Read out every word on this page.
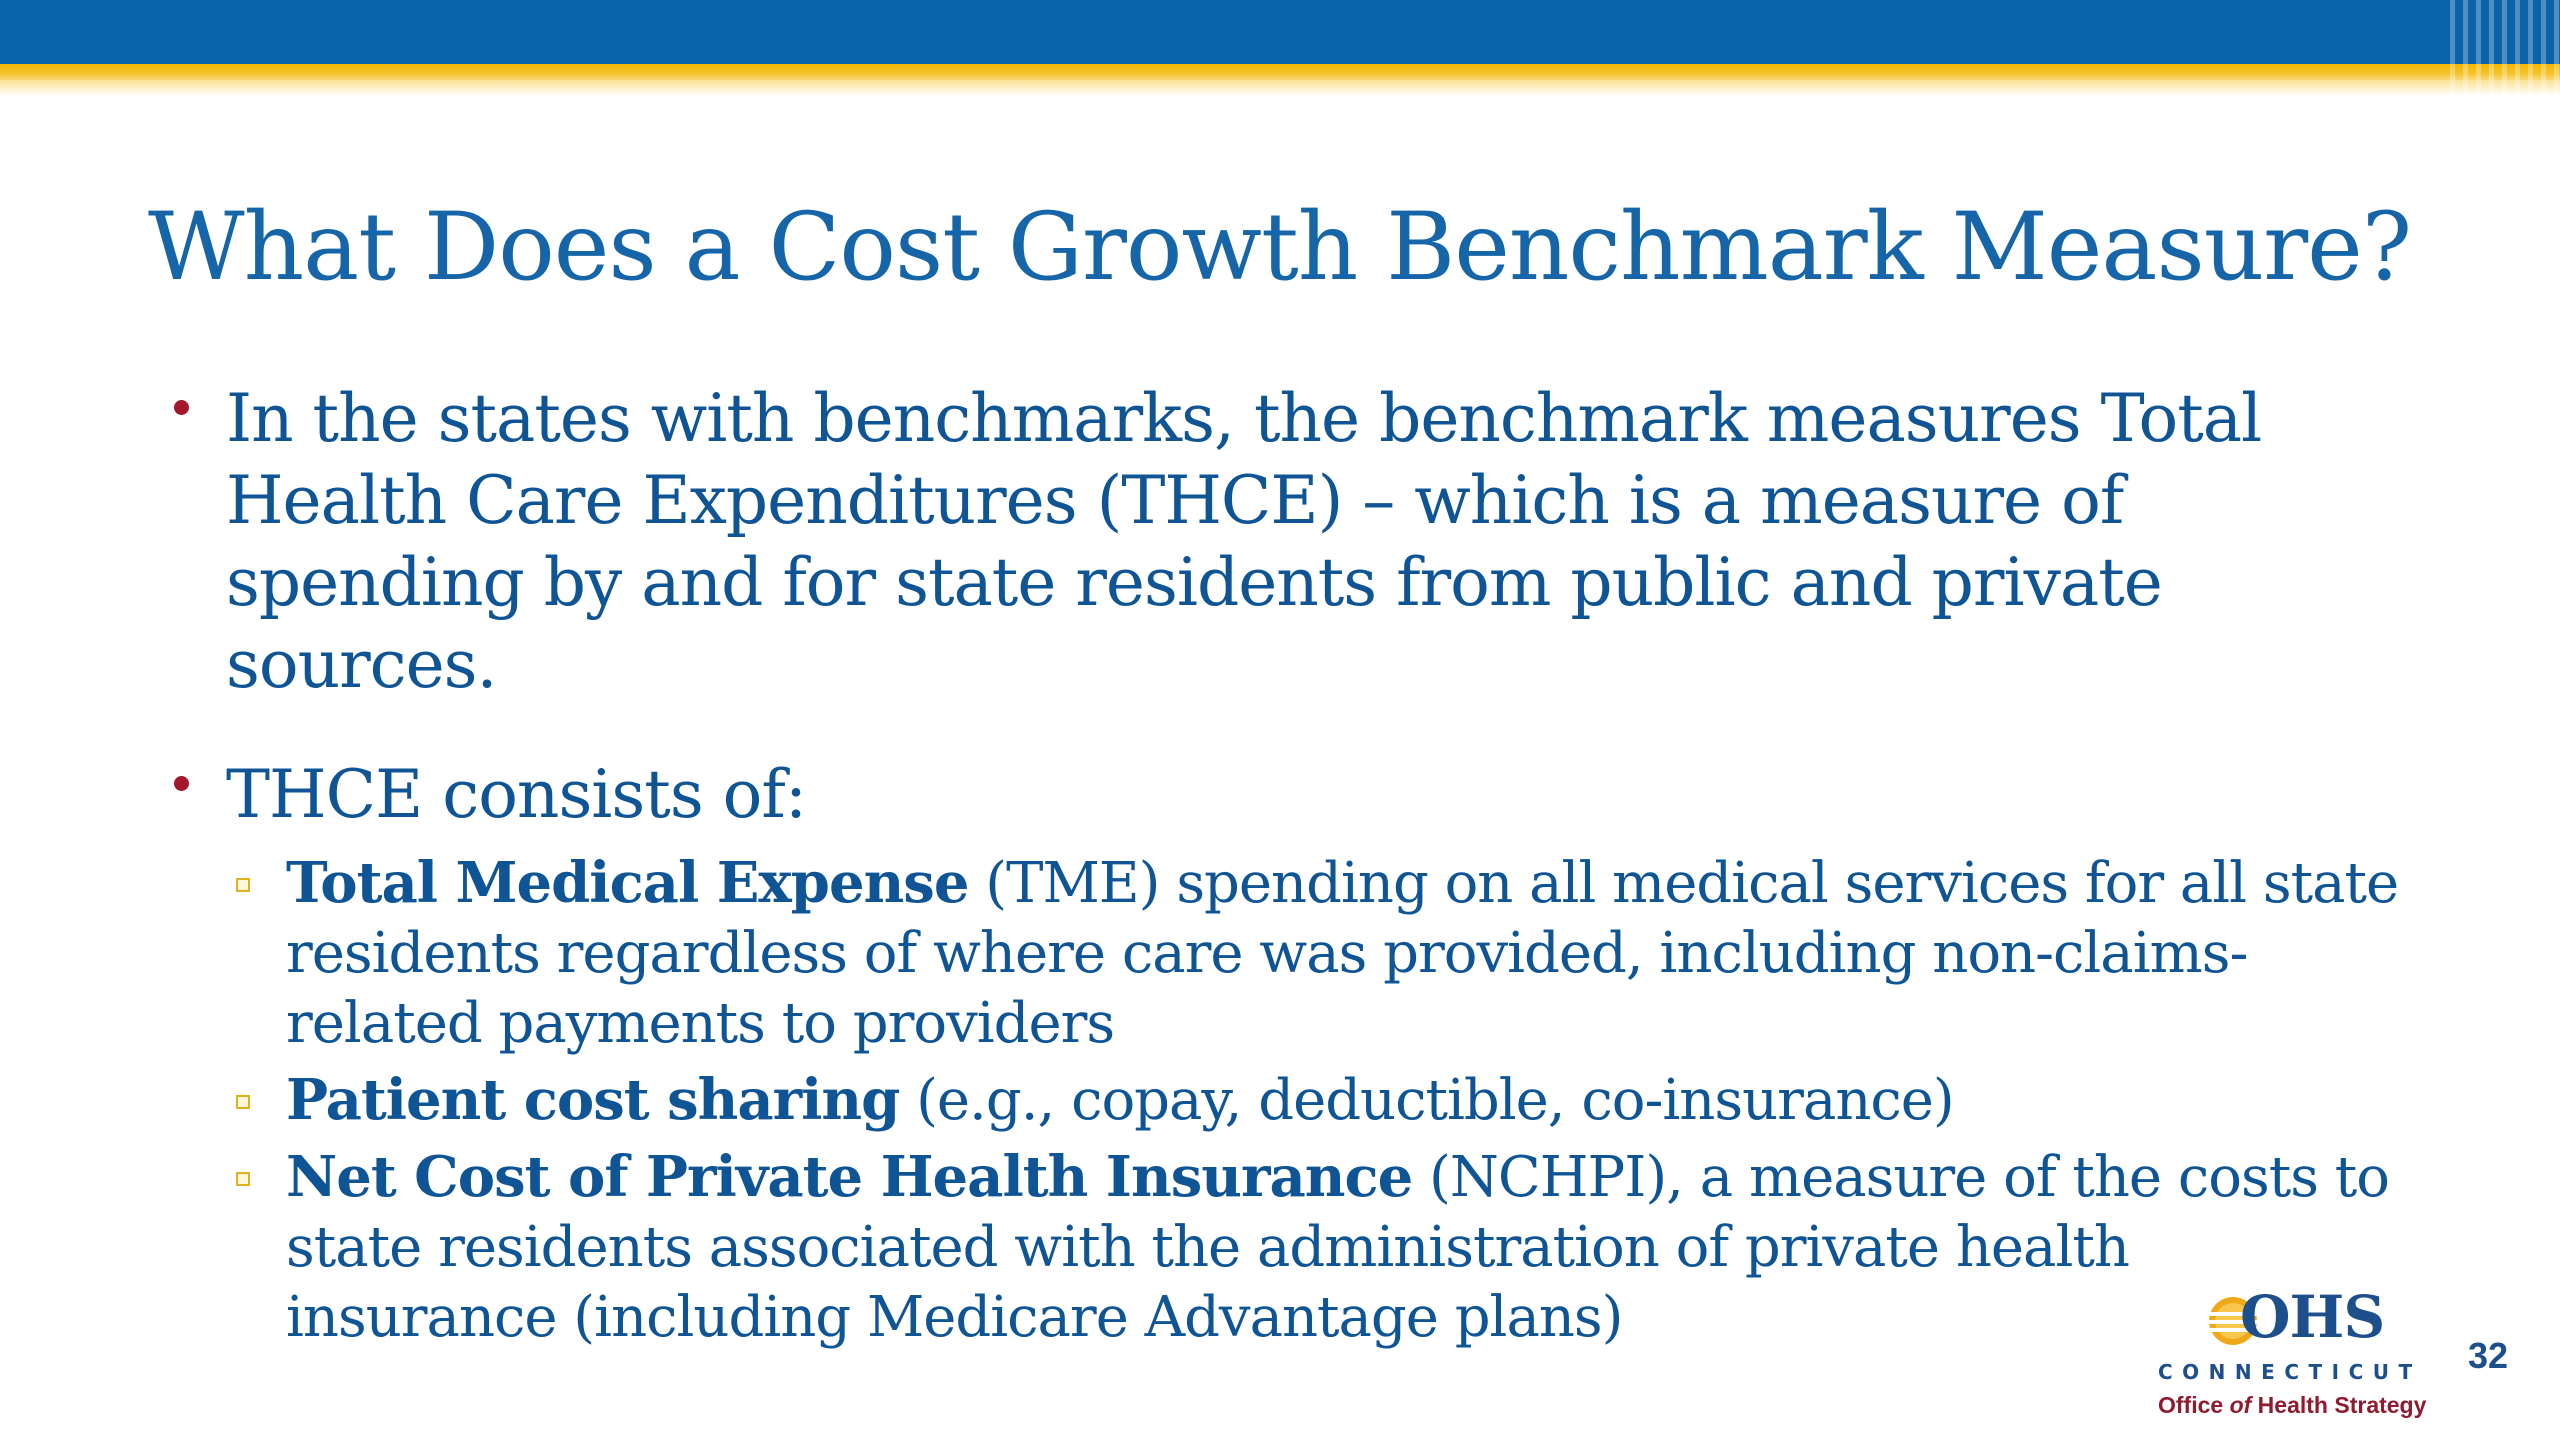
What Does a Cost Growth Benchmark Measure?
In the states with benchmarks, the benchmark measures Total Health Care Expenditures (THCE) – which is a measure of spending by and for state residents from public and private sources.
THCE consists of:
Total Medical Expense (TME) spending on all medical services for all state residents regardless of where care was provided, including non-claims-related payments to providers
Patient cost sharing (e.g., copay, deductible, co-insurance)
Net Cost of Private Health Insurance (NCHPI), a measure of the costs to state residents associated with the administration of private health insurance (including Medicare Advantage plans)	OHS
CONNECTICUT
Office of Health Strategy
32
